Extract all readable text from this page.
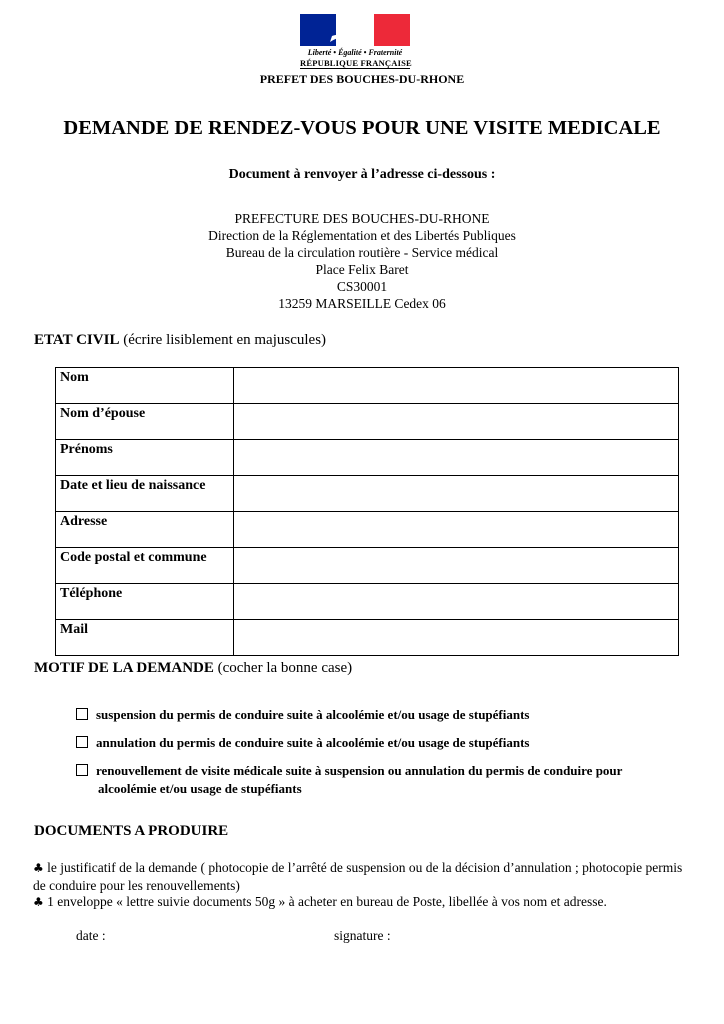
Liberté • Égalité • Fraternité
RÉPUBLIQUE FRANÇAISE
PREFET DES BOUCHES-DU-RHONE
DEMANDE DE RENDEZ-VOUS POUR UNE VISITE MEDICALE
Document à renvoyer à l’adresse ci-dessous :
PREFECTURE DES BOUCHES-DU-RHONE
Direction de la Réglementation et des Libertés Publiques
Bureau de la circulation routière - Service médical
Place Felix Baret
CS30001
13259 MARSEILLE Cedex 06
ETAT CIVIL (écrire lisiblement en majuscules)
Nom	
Nom d’épouse	
Prénoms	
Date et lieu de naissance	
Adresse	
Code postal et commune	
Téléphone	
Mail	
MOTIF DE LA DEMANDE (cocher la bonne case)
suspension du permis de conduire suite à alcoolémie et/ou usage de stupéfiants
annulation du permis de conduire suite à alcoolémie et/ou usage de stupéfiants
renouvellement de visite médicale suite à suspension ou annulation du permis de conduire pour
alcoolémie et/ou usage de stupéfiants
DOCUMENTS A PRODUIRE
♣ le justificatif de la demande ( photocopie de l’arrêté de suspension ou de la décision d’annulation ; photocopie permis de conduire pour les renouvellements)
♣ 1 enveloppe « lettre suivie documents 50g » à acheter en bureau de Poste, libellée à vos nom et adresse.
date :	signature :
